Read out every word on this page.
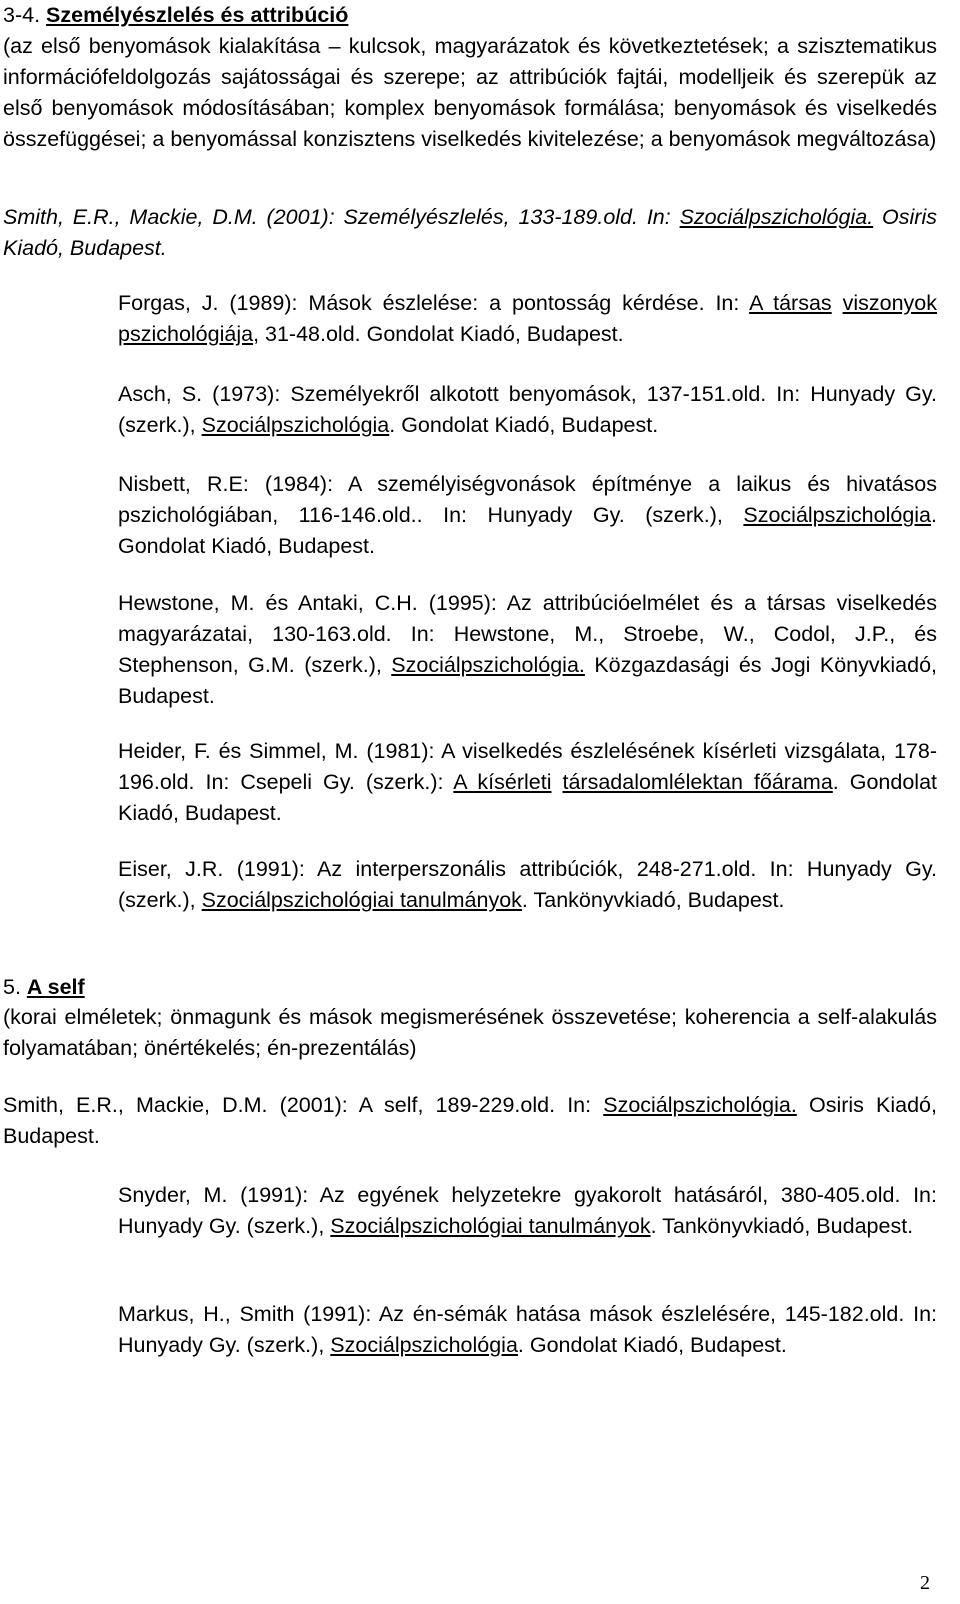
3-4. Személyészlelés és attribúció

(az első benyomások kialakítása – kulcsok, magyarázatok és következtetések; a szisztematikus információfeldolgozás sajátosságai és szerepe; az attribúciók fajtái, modelljeik és szerepük az első benyomások módosításában; komplex benyomások formálása; benyomások és viselkedés összefüggései; a benyomással konzisztens viselkedés kivitelezése; a benyomások megváltozása)

Smith, E.R., Mackie, D.M. (2001): Személyészlelés, 133-189.old. In: Szociálpszichológia. Osiris Kiadó, Budapest.

Forgas, J. (1989): Mások észlelése: a pontosság kérdése. In: A társas viszonyok pszichológiája, 31-48.old. Gondolat Kiadó, Budapest.

Asch, S. (1973): Személyekről alkotott benyomások, 137-151.old. In: Hunyady Gy. (szerk.), Szociálpszichológia. Gondolat Kiadó, Budapest.

Nisbett, R.E: (1984): A személyiségvonások építménye a laikus és hivatásos pszichológiában, 116-146.old.. In: Hunyady Gy. (szerk.), Szociálpszichológia. Gondolat Kiadó, Budapest.

Hewstone, M. és Antaki, C.H. (1995): Az attribúcióelmélet és a társas viselkedés magyarázatai, 130-163.old. In: Hewstone, M., Stroebe, W., Codol, J.P., és Stephenson, G.M. (szerk.), Szociálpszichológia. Közgazdasági és Jogi Könyvkiadó, Budapest.

Heider, F. és Simmel, M. (1981): A viselkedés észlelésének kísérleti vizsgálata, 178-196.old. In: Csepeli Gy. (szerk.): A kísérleti társadalomlélektan főárama. Gondolat Kiadó, Budapest.

Eiser, J.R. (1991): Az interperszonális attribúciók, 248-271.old. In: Hunyady Gy. (szerk.), Szociálpszichológiai tanulmányok. Tankönyvkiadó, Budapest.

5. A self

(korai elméletek; önmagunk és mások megismerésének összevetése; koherencia a self-alakulás folyamatában; önértékelés; én-prezentálás)

Smith, E.R., Mackie, D.M. (2001): A self, 189-229.old. In: Szociálpszichológia. Osiris Kiadó, Budapest.

Snyder, M. (1991): Az egyének helyzetekre gyakorolt hatásáról, 380-405.old. In: Hunyady Gy. (szerk.), Szociálpszichológiai tanulmányok. Tankönyvkiadó, Budapest.

Markus, H., Smith (1991): Az én-sémák hatása mások észlelésére, 145-182.old. In: Hunyady Gy. (szerk.), Szociálpszichológia. Gondolat Kiadó, Budapest.

2
